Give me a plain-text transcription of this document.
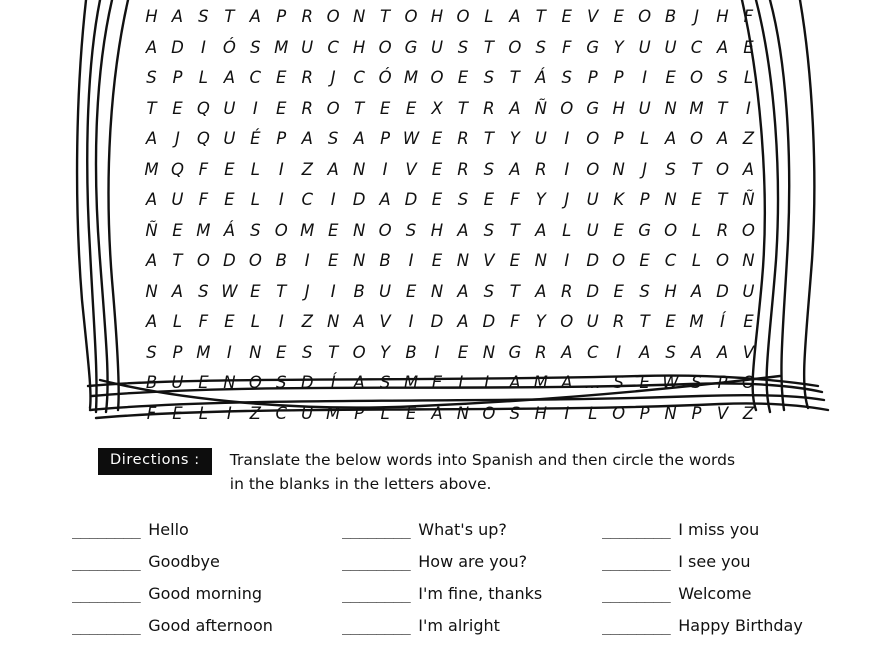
H A S T A P R O N T O H O L A T E V E O B	J	H F
A D	I	Ó S M U C H O G U S T O S F G Y U U C A E
S P L A C E R	J	C Ó M O E S T Á S P P	I	E O S L
T E Q U	I	E R O T E E X T R A Ñ O G H U N M T	I
A	J	Q U É P A S A P W E R T Y U	I	O P L A O A Z
M Q F E L	I	Z A N	I	V E R S A R	I	O N	J	S T O A
A U F E L	I	C	I	D A D E S E F Y	J	U K P N E T Ñ
Ñ E M Á S O M E N O S H A S T A L U E G O L R O
A T O D O B	I	E N B	I	E N V E N	I	D O E C L O N
N A S W E T	J	I	B U E N A S T A R D E S H A D U
A L	F E L	I	Z N A V	I	D A D F Y O U R T E M Í	E
S P M I	N E S T O Y B	I	E N G R A C	I	A S A A V
B U E N O S D	Í	A S M E L	L A M A … S E W S P O
F E L	I	Z C U M P L E A Ñ O S H	I	L O P N P V Z
Directions :	Translate the below words into Spanish and then circle the words in the blanks in the letters above.
________ Hello	________ What's up?	________ I miss you
________ Goodbye	________ How are you?	________ I see you
________ Good morning	________ I'm fine, thanks	________ Welcome
________ Good afternoon	________ I'm alright	________ Happy Birthday
